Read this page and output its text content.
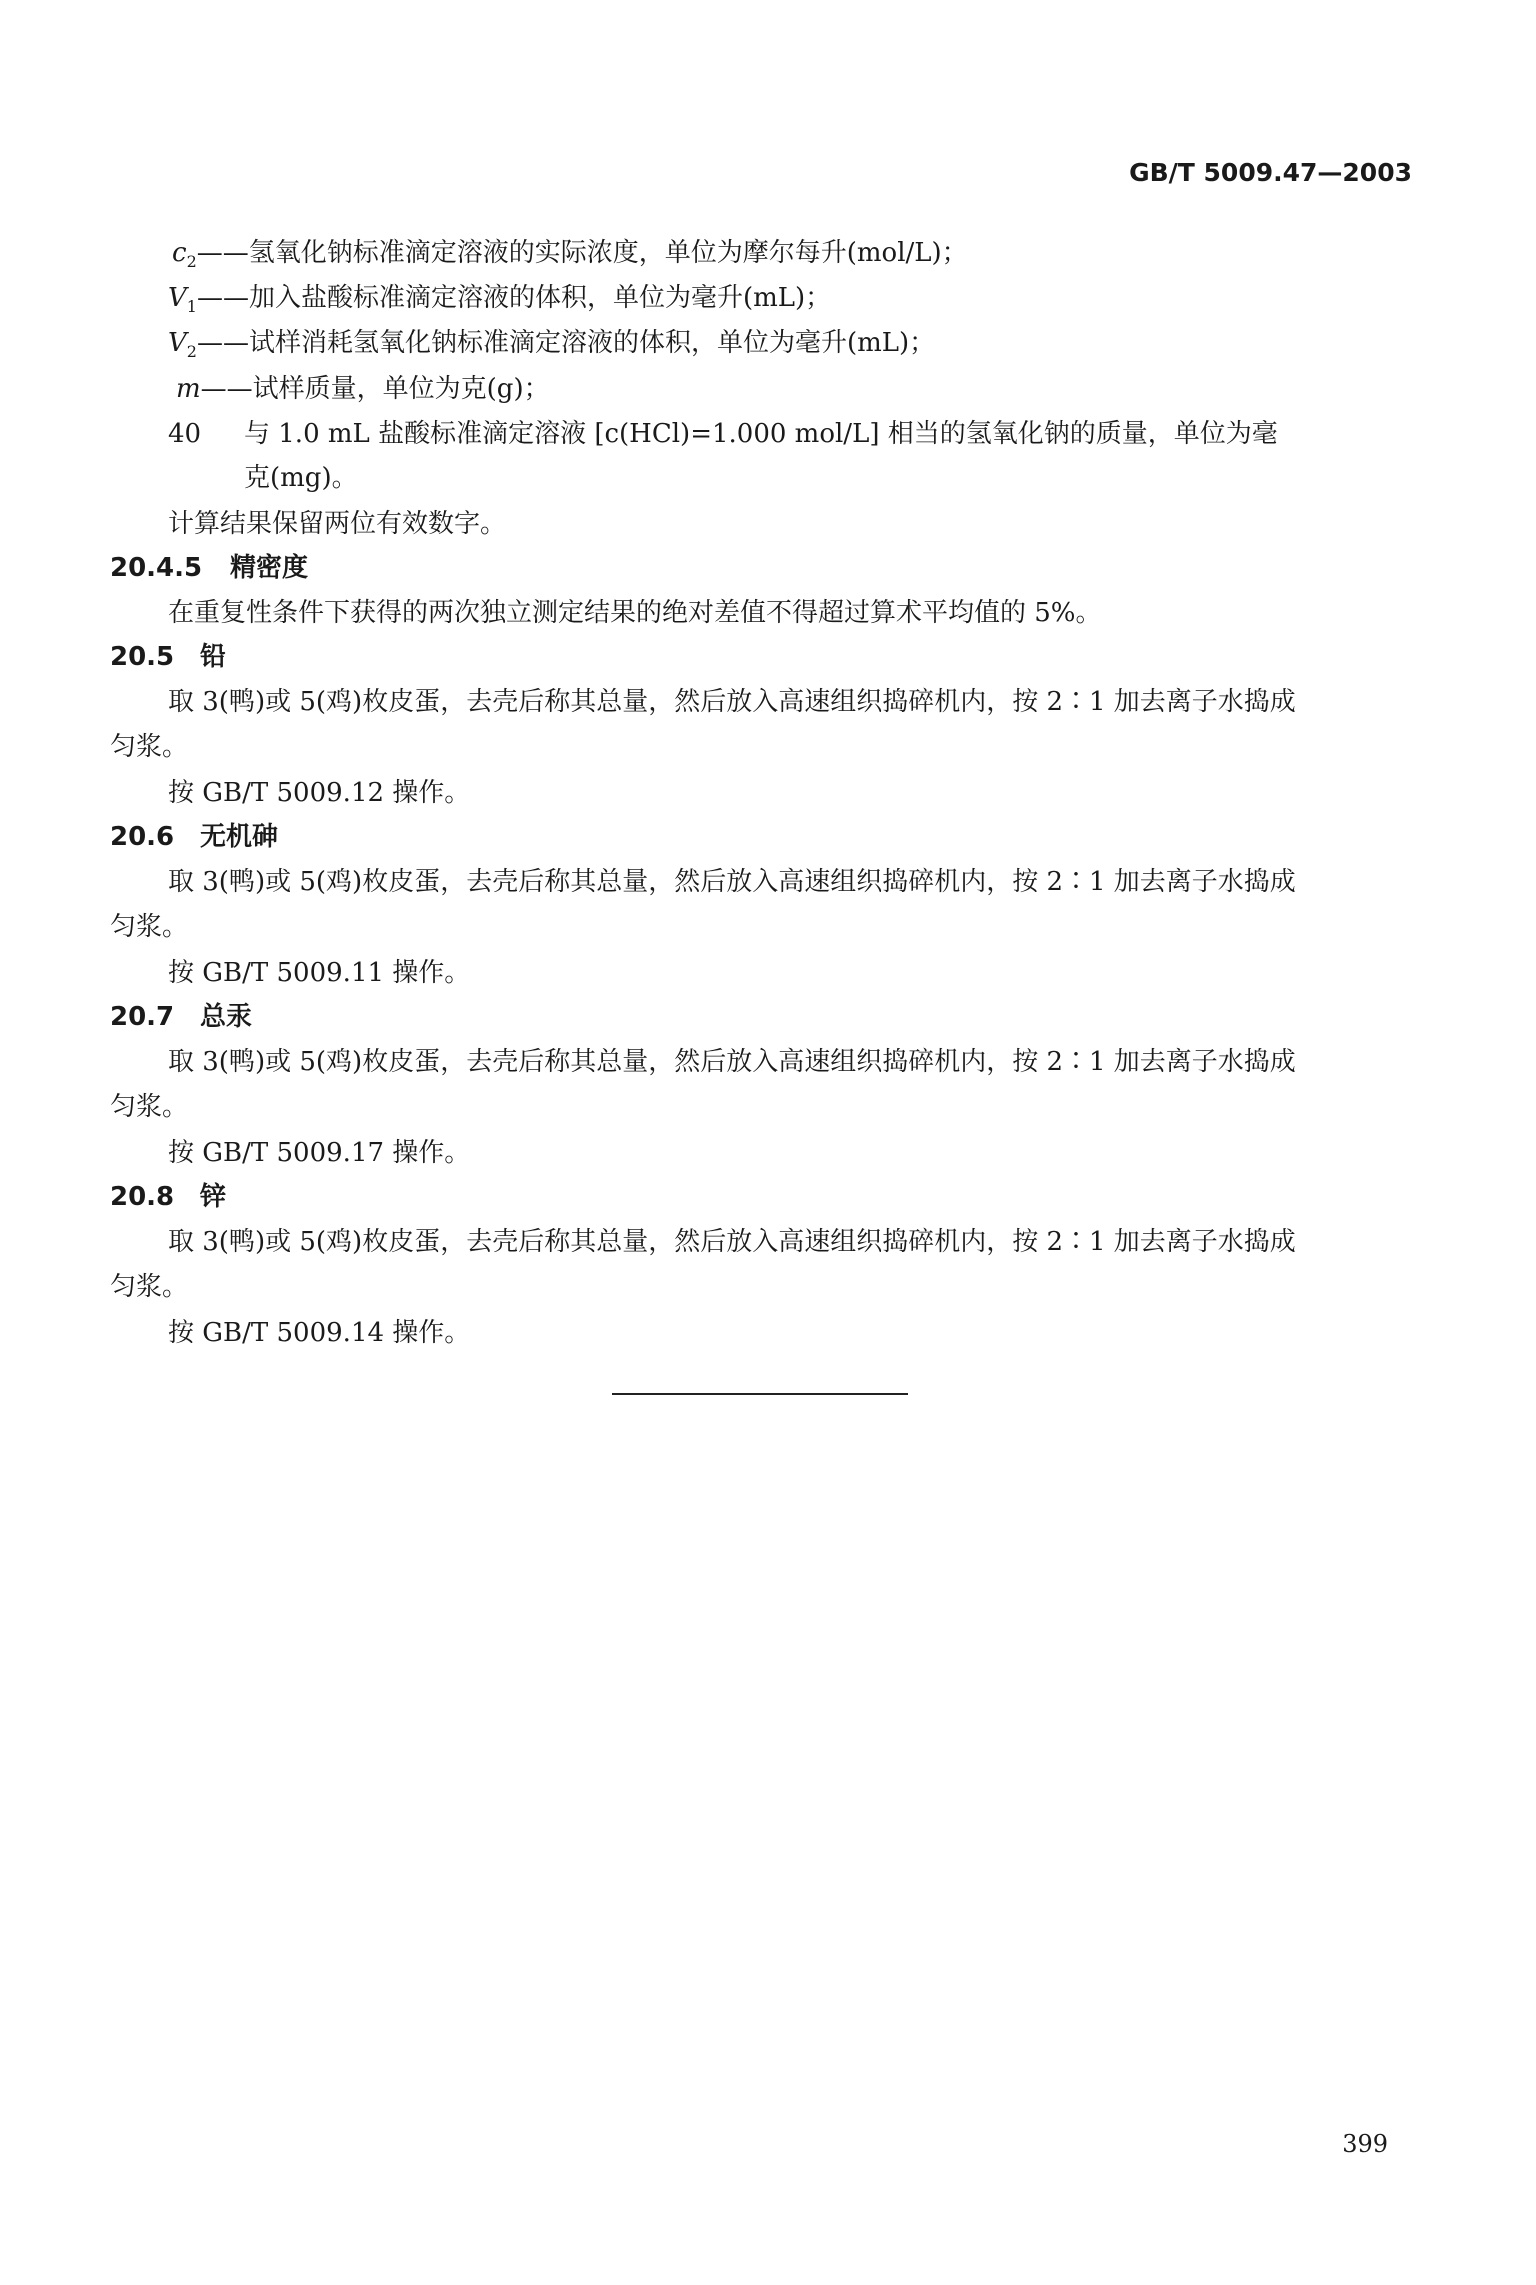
GB/T 5009.47—2003
c2——氢氧化钠标准滴定溶液的实际浓度，单位为摩尔每升(mol/L)；
V1——加入盐酸标准滴定溶液的体积，单位为毫升(mL)；
V2——试样消耗氢氧化钠标准滴定溶液的体积，单位为毫升(mL)；
m——试样质量，单位为克(g)；
40 与 1.0 mL 盐酸标准滴定溶液 [c(HCl)=1.000 mol/L] 相当的氢氧化钠的质量，单位为毫
克(mg)。
计算结果保留两位有效数字。
20.4.5 精密度
在重复性条件下获得的两次独立测定结果的绝对差值不得超过算术平均值的 5%。
20.5 铅
取 3(鸭)或 5(鸡)枚皮蛋，去壳后称其总量，然后放入高速组织捣碎机内，按 2∶1 加去离子水捣成
匀浆。
按 GB/T 5009.12 操作。
20.6 无机砷
取 3(鸭)或 5(鸡)枚皮蛋，去壳后称其总量，然后放入高速组织捣碎机内，按 2∶1 加去离子水捣成
匀浆。
按 GB/T 5009.11 操作。
20.7 总汞
取 3(鸭)或 5(鸡)枚皮蛋，去壳后称其总量，然后放入高速组织捣碎机内，按 2∶1 加去离子水捣成
匀浆。
按 GB/T 5009.17 操作。
20.8 锌
取 3(鸭)或 5(鸡)枚皮蛋，去壳后称其总量，然后放入高速组织捣碎机内，按 2∶1 加去离子水捣成
匀浆。
按 GB/T 5009.14 操作。
399
